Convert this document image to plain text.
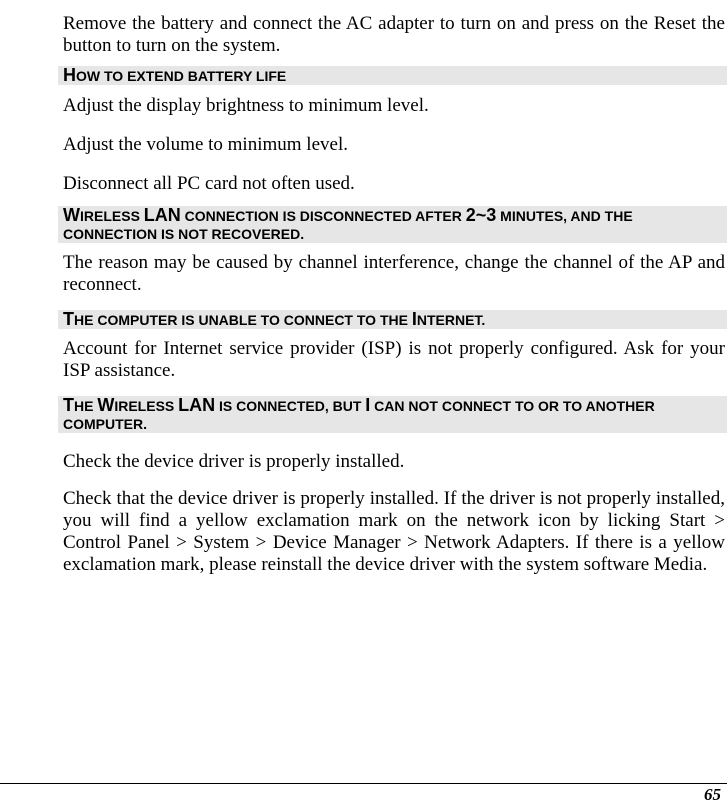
Remove the battery and connect the AC adapter to turn on and press on the Reset the button to turn on the system.
HOW TO EXTEND BATTERY LIFE
Adjust the display brightness to minimum level.
Adjust the volume to minimum level.
Disconnect all PC card not often used.
WIRELESS LAN CONNECTION IS DISCONNECTED AFTER 2~3 MINUTES, AND THE CONNECTION IS NOT RECOVERED.
The reason may be caused by channel interference, change the channel of the AP and reconnect.
THE COMPUTER IS UNABLE TO CONNECT TO THE INTERNET.
Account for Internet service provider (ISP) is not properly configured. Ask for your ISP assistance.
THE WIRELESS LAN IS CONNECTED, BUT I CAN NOT CONNECT TO OR TO ANOTHER COMPUTER.
Check the device driver is properly installed.
Check that the device driver is properly installed. If the driver is not properly installed, you will find a yellow exclamation mark on the network icon by licking Start > Control Panel > System > Device Manager > Network Adapters. If there is a yellow exclamation mark, please reinstall the device driver with the system software Media.
65
